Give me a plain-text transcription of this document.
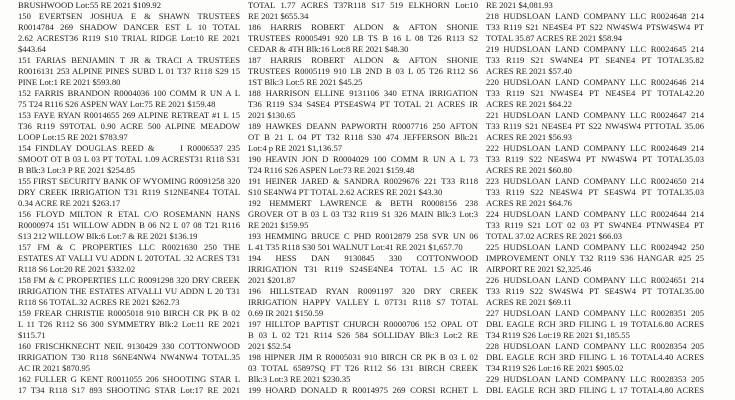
BRUSHWOOD Lot:55 RE 2021 $109.92
150 EVERTSEN JOSHUA E & SHAWN TRUSTEES
R0014784 269 SHADOW DANCER EST L 10 TOTAL
2.62 ACREST36 R119 S10 TRIAL RIDGE Lot:10 RE 2021
$443.64
151 FARIAS BENJAMIN T JR & TRACI A TRUSTEES
R0016131 253 ALPINE PINES SUBD L 01 T37 R118 S29 15
PINE Lot:1 RE 2021 $593.80
152 FARRIS BRANDON R0004036 100 COMM R UN A L
75 T24 R116 S26 ASPEN WAY Lot:75 RE 2021 $159.48
153 FAYE RYAN R0014655 269 ALPINE RETREAT #1 L 15
T36 R119 S9TOTAL 0.90 ACRE 500 ALPINE MEADOW
LOOP Lot:15 RE 2021 $783.97
154 FINDLAY DOUGLAS REED &      I R0006537 235
SMOOT OT B 03 L 03 PT TOTAL 1.09 ACREST31 R118 S31
B Blk:3 Lot:3 P RE 2021 $254.85
155 FIRST SECURITY BANK OF WYOMING R0091258 320
DRY CREEK IRRIGATION T31 R119 S12NE4NE4 TOTAL
0.34 ACRE RE 2021 $263.17
156 FLOYD MILTON R ETAL C/O ROSEMANN HANS
R0000974 151 WILLOW ADDN B 06 N2 L 07 08 T21 R116
S13 212 WILLOW Blk:6 Lot:7 & RE 2021 $136.19
157 FM & C PROPERTIES LLC R0021630 250 THE
ESTATES AT VALLI VU ADDN L 20TOTAL .32 ACRES T31
R118 S6 Lot:20 RE 2021 $332.02
158 FM & C PROPERTIES LLC R0091298 320 DRY CREEK
IRRIGATION THE ESTATES ATVALLI VU ADDN L 20 T31
R118 S6 TOTAL.32 ACRES RE 2021 $262.73
159 FREAR CHRISTIE R0005018 910 BIRCH CR PK B 02
L 11 T26 R112 S6 300 SYMMETRY Blk:2 Lot:11 RE 2021
$115.71
160 FRISCHKNECHT NEIL 9130429 330 COTTONWOOD
IRRIGATION T30 R118 S6NE4NW4 NW4NW4 TOTAL.35
AC IR 2021 $870.95
162 FULLER G KENT R0011055 206 SHOOTING STAR L
17 T34 R118 S17 893 SHOOTING STAR Lot:17 RE 2021
TOTAL 1.77 ACRES T37R118 S17 519 ELKHORN Lot:10
RE 2021 $655.34
186 HARRIS ROBERT ALDON & AFTON SHONIE
TRUSTEES R0005491 920 LB TS B 16 L 08 T26 R113 S2
CEDAR & 4TH Blk:16 Lot:8 RE 2021 $48.30
187 HARRIS ROBERT ALDON & AFTON SHONIE
TRUSTEES R0005119 910 LB 2ND B 03 L 05 T26 R112 S6
1ST Blk:3 Lot:5 RE 2021 $45.25
188 HARRISON ELLINE 9131106 340 ETNA IRRIGATION
T36 R119 S34 S4SE4 PTSE4SW4 PT TOTAL 21 ACRES IR
2021 $130.65
189 HAWKES DEANN PAPWORTH R0007716 250 AFTON
OT B 21 L 04 PT T32 R118 S30 474 JEFFERSON Blk:21
Lot:4 p RE 2021 $1,136.57
190 HEAVIN JON D R0004029 100 COMM R UN A L 73
T24 R116 S26 ASPEN Lot:73 RE 2021 $159.48
191 HEINER JARED & SANDRA R0029676 221 T33 R118
S10 SE4NW4 PT TOTAL 2.62 ACRES RE 2021 $43.30
192 HEMMERT LAWRENCE & BETH R0008156 238
GROVER OT B 03 L 03 T32 R119 S1 326 MAIN Blk:3 Lot:3
RE 2021 $159.95
193 HEMMING BRUCE C PHD R0012879 258 SVR UN 06
L 41 T35 R118 S30 501 WALNUT Lot:41 RE 2021 $1,657.70
194 HESS DAN 9130845 330 COTTONWOOD
IRRIGATION T31 R119 S24SE4NE4 TOTAL 1.5 AC IR
2021 $201.87
196 HILLSTEAD RYAN R0091197 320 DRY CREEK
IRRIGATION HAPPY VALLEY L 07T31 R118 S7 TOTAL
0.69 IR 2021 $150.59
197 HILLTOP BAPTIST CHURCH R0000706 152 OPAL OT
B 03 L 02 T21 R114 S26 584 SOLLIDAY Blk:3 Lot:2 RE
2021 $52.54
198 HIPNER JIM R R0005031 910 BIRCH CR PK B 03 L 02
03 TOTAL 65897SQ FT T26 R112 S6 131 BIRCH CREEK
Blk:3 Lot:3 RE 2021 $230.35
199 HOARD DONALD R R0014975 269 CORSI RCHET L
RE 2021 $4,081.93
218 HUDSLOAN LAND COMPANY LLC R0024648 214
T33 R119 S21 NE4SE4 PT S22 NW4SW4 PTSW4SW4 PT
TOTAL 35.87 ACRES RE 2021 $58.94
219 HUDSLOAN LAND COMPANY LLC R0024645 214
T33 R119 S21 SW4NE4 PT SE4NE4 PT TOTAL35.82
ACRES RE 2021 $57.40
220 HUDSLOAN LAND COMPANY LLC R0024646 214
T33 R119 S21 NW4SE4 PT NE4SE4 PT TOTAL42.20
ACRES RE 2021 $64.22
221 HUDSLOAN LAND COMPANY LLC R0024647 214
T33 R119 S21 NE4SE4 PT S22 NW4SW4 PTTOTAL 35.06
ACRES RE 2021 $56.93
222 HUDSLOAN LAND COMPANY LLC R0024649 214
T33 R119 S22 NE4SW4 PT NW4SW4 PT TOTAL35.03
ACRES RE 2021 $60.80
223 HUDSLOAN LAND COMPANY LLC R0024650 214
T33 R119 S22 NE4SW4 PT SE4SW4 PT TOTAL35.03
ACRES RE 2021 $64.76
224 HUDSLOAN LAND COMPANY LLC R0024644 214
T33 R119 S21 LOT 02 03 PT SW4NE4 PTNW4SE4 PT
TOTAL 37.02 ACRES RE 2021 $66.03
225 HUDSLOAN LAND COMPANY LLC R0024942 250
IMPROVEMENT ONLY T32 R119 S36 HANGAR #25 25
AIRPORT RE 2021 $2,325.46
226 HUDSLOAN LAND COMPANY LLC R0024651 214
T33 R119 S22 SW4SW4 PT SE4SW4 PT TOTAL35.00
ACRES RE 2021 $69.11
227 HUDSLOAN LAND COMPANY LLC R0028351 205
DBL EAGLE RCH 3RD FILING L 19 TOTAL6.80 ACRES
T34 R119 S26 Lot:19 RE 2021 $1,185.55
228 HUDSLOAN LAND COMPANY LLC R0028354 205
DBL EAGLE RCH 3RD FILING L 16 TOTAL4.40 ACRES
T34 R119 S26 Lot:16 RE 2021 $905.02
229 HUDSLOAN LAND COMPANY LLC R0028353 205
DBL EAGLE RCH 3RD FILING L 17 TOTAL4.80 ACRES
